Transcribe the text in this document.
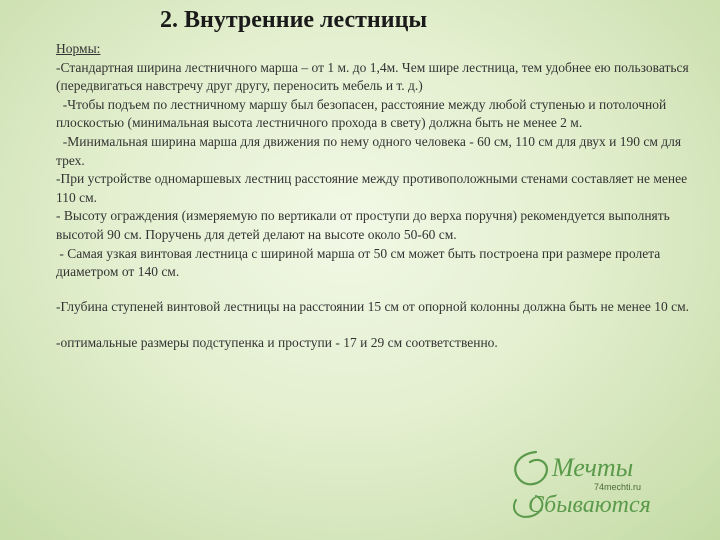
2. Внутренние лестницы
Нормы:

-Стандартная ширина лестничного марша – от 1 м. до 1,4м. Чем шире лестница, тем удобнее ею пользоваться (передвигаться навстречу друг другу, переносить мебель и т. д.)

-Чтобы подъем по лестничному маршу был безопасен, расстояние между любой ступенью и потолочной плоскостью (минимальная высота лестничного прохода в свету) должна быть не менее 2 м.

-Минимальная ширина марша для движения по нему одного человека - 60 см, 110 см для двух и 190 см для трех.

-При устройстве одномаршевых лестниц расстояние между противоположными стенами составляет не менее 110 см.

- Высоту ограждения (измеряемую по вертикали от проступи до верха поручня) рекомендуется выполнять высотой 90 см. Поручень для детей делают на высоте около 50-60 см.

- Самая узкая винтовая лестница с шириной марша от 50 см может быть построена при размере пролета диаметром от 140 см.

-Глубина ступеней винтовой лестницы на расстоянии 15 см от опорной колонны должна быть не менее 10 см.

-оптимальные размеры подступенка и проступи - 17 и 29 см соответственно.

Мечты
Сбываются
74mechti.ru
